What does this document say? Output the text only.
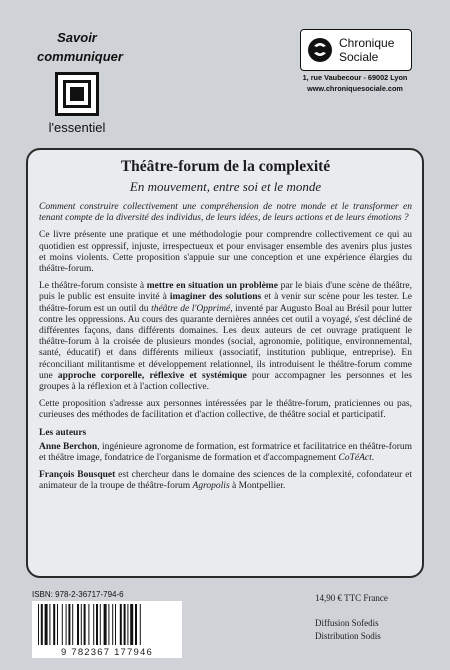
Savoir
communiquer
l'essentiel
Chronique
Sociale
1, rue Vaubecour - 69002 Lyon
www.chroniquesociale.com
Théâtre-forum de la complexité
En mouvement, entre soi et le monde

Comment construire collectivement une compréhension de notre monde et le transformer en tenant compte de la diversité des individus, de leurs idées, de leurs actions et de leurs émotions ?

Ce livre présente une pratique et une méthodologie pour comprendre collectivement ce qui au quotidien est oppressif, injuste, irrespectueux et pour envisager ensemble des avenirs plus justes et moins violents. Cette proposition s'appuie sur une conception et une expérience élargies du théâtre-forum.

Le théâtre-forum consiste à mettre en situation un problème par le biais d'une scène de théâtre, puis le public est ensuite invité à imaginer des solutions et à venir sur scène pour les tester. Le théâtre-forum est un outil du théâtre de l'Opprimé, inventé par Augusto Boal au Brésil pour lutter contre les oppressions. Au cours des quarante dernières années cet outil a voyagé, s'est décliné de différentes façons, dans différents domaines. Les deux auteurs de cet ouvrage pratiquent le théâtre-forum à la croisée de plusieurs mondes (social, agronomie, politique, environnemental, santé, éducatif) et dans différents milieux (associatif, institution publique, entreprise). En réconciliant militantisme et développement relationnel, ils introduisent le théâtre-forum comme une approche corporelle, réflexive et systémique pour accompagner les personnes et les groupes à la réflexion et à l'action collective.

Cette proposition s'adresse aux personnes intéressées par le théâtre-forum, praticiennes ou pas, curieuses des méthodes de facilitation et d'action collective, de théâtre social et participatif.

Les auteurs

Anne Berchon, ingénieure agronome de formation, est formatrice et facilitatrice en théâtre-forum et théâtre image, fondatrice de l'organisme de formation et d'accompagnement CoTéAct.

François Bousquet est chercheur dans le domaine des sciences de la complexité, cofondateur et animateur de la troupe de théâtre-forum Agropolis à Montpellier.

ISBN: 978-2-36717-794-6
9 782367 177946
14,90 € TTC France
Diffusion Sofedis
Distribution Sodis
